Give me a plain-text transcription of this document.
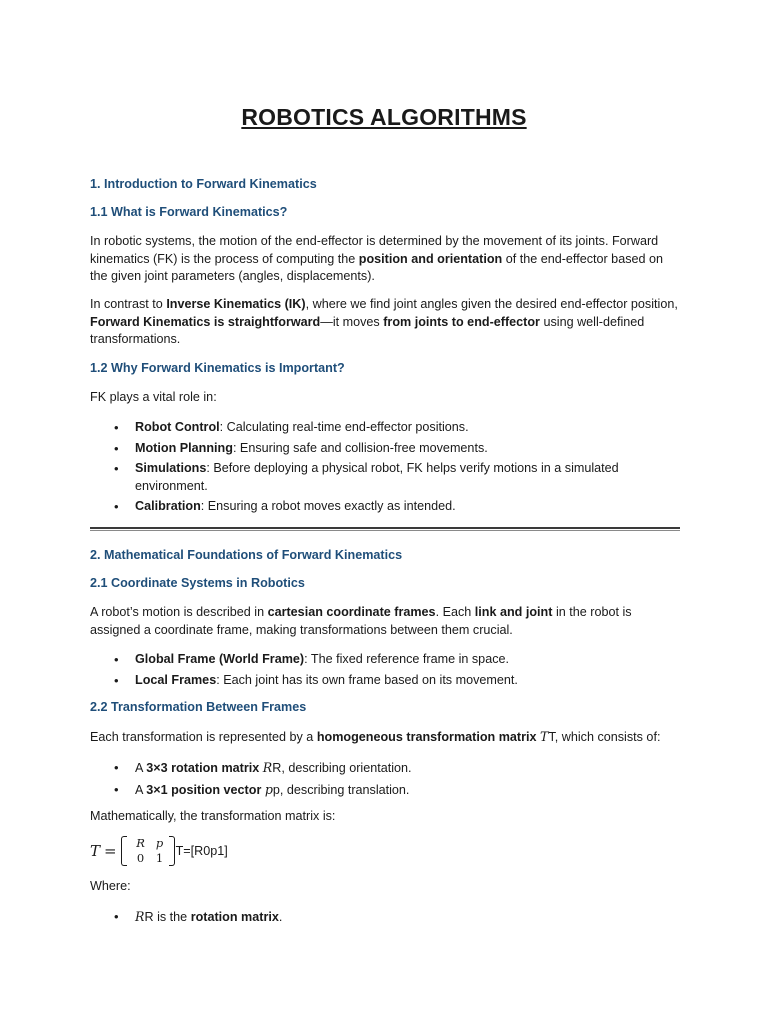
ROBOTICS ALGORITHMS
1. Introduction to Forward Kinematics
1.1 What is Forward Kinematics?
In robotic systems, the motion of the end-effector is determined by the movement of its joints. Forward kinematics (FK) is the process of computing the position and orientation of the end-effector based on the given joint parameters (angles, displacements).
In contrast to Inverse Kinematics (IK), where we find joint angles given the desired end-effector position, Forward Kinematics is straightforward—it moves from joints to end-effector using well-defined transformations.
1.2 Why Forward Kinematics is Important?
FK plays a vital role in:
• Robot Control: Calculating real-time end-effector positions.
• Motion Planning: Ensuring safe and collision-free movements.
• Simulations: Before deploying a physical robot, FK helps verify motions in a simulated environment.
• Calibration: Ensuring a robot moves exactly as intended.
2. Mathematical Foundations of Forward Kinematics
2.1 Coordinate Systems in Robotics
A robot’s motion is described in cartesian coordinate frames. Each link and joint in the robot is assigned a coordinate frame, making transformations between them crucial.
• Global Frame (World Frame): The fixed reference frame in space.
• Local Frames: Each joint has its own frame based on its movement.
2.2 Transformation Between Frames
Each transformation is represented by a homogeneous transformation matrix TT, which consists of:
• A 3×3 rotation matrix RR, describing orientation.
• A 3×1 position vector pp, describing translation.
Mathematically, the transformation matrix is:
T =	R p
0	1 T=[R0p1]
Where:
• RR is the rotation matrix.
